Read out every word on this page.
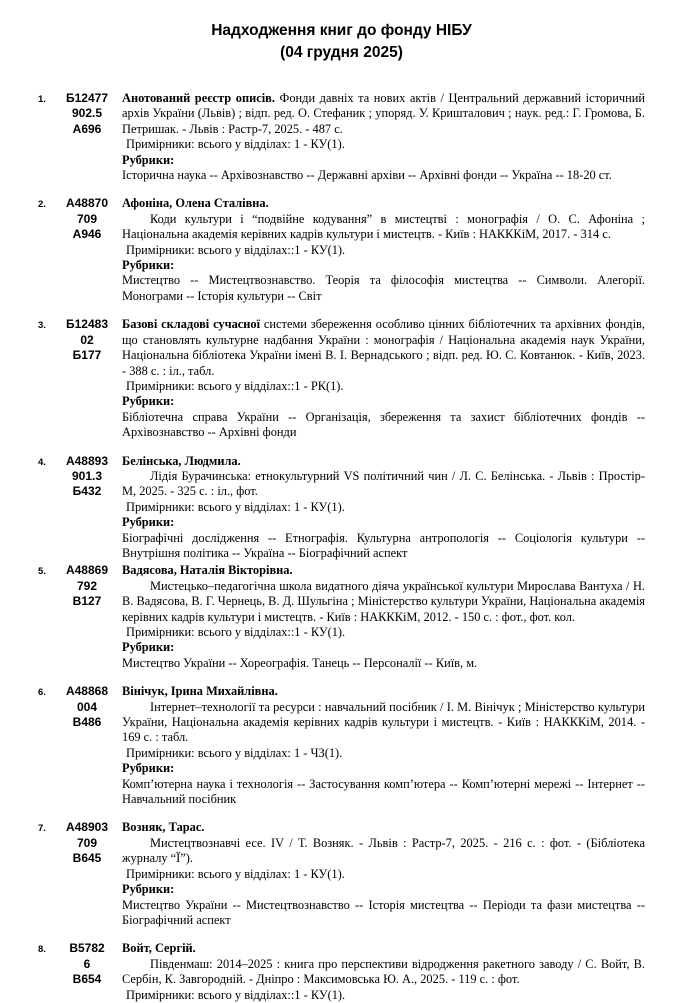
Надходження книг до фонду НІБУ
(04 грудня 2025)
1.	Б12477
902.5
А696

Анотований реєстр описів. Фонди давніх та нових актів / Центральний державний історичний архів України (Львів) ; відп. ред. О. Стефаник ; упоряд. У. Кришталович ; наук. ред.: Г. Громова, Б. Петришак. - Львів : Растр-7, 2025. - 487 с.

Примірники: всього у відділах: 1 - КУ(1).

Рубрики:

Історична наука -- Архівознавство -- Державні архіви -- Архівні фонди -- Україна -- 18-20 ст.

2.	А48870
709
А946

Афоніна, Олена Сталівна.

Коди культури і “подвійне кодування” в мистецтві : монографія / О. С. Афоніна ; Національна академія керівних кадрів культури і мистецтв. - Київ : НАКККіМ, 2017. - 314 с.

Примірники: всього у відділах::1 - КУ(1).

Рубрики:

Мистецтво -- Мистецтвознавство. Теорія та філософія мистецтва -- Символи. Алегорії. Монограми -- Історія культури -- Світ

3.	Б12483
02
Б177

Базові складові сучасної системи збереження особливо цінних бібліотечних та архівних фондів, що становлять культурне надбання України : монографія / Національна академія наук України, Національна бібліотека України імені В. І. Вернадського ; відп. ред. Ю. С. Ковтанюк. - Київ, 2023. - 388 с. : іл., табл.

Примірники: всього у відділах::1 - РК(1).

Рубрики:

Бібліотечна справа України -- Організація, збереження та захист бібліотечних фондів -- Архівознавство -- Архівні фонди

4.	А48893
901.3
Б432

Белінська, Людмила.

Лідія Бурачинська: етнокультурний VS політичний чин / Л. С. Белінська. - Львів : Простір-М, 2025. - 325 с. : іл., фот.

Примірники: всього у відділах: 1 - КУ(1).

Рубрики:

Біографічні дослідження -- Етнографія. Культурна антропологія -- Соціологія культури -- Внутрішня політика -- Україна -- Біографічний аспект

5.	А48869
792
В127

Вадясова, Наталія Вікторівна.

Мистецько–педагогічна школа видатного діяча української культури Мирослава Вантуха / Н. В. Вадясова, В. Г. Чернець, В. Д. Шульгіна ; Міністерство культури України, Національна академія керівних кадрів культури і мистецтв. - Київ : НАКККіМ, 2012. - 150 с. : фот., фот. кол.

Примірники: всього у відділах::1 - КУ(1).

Рубрики:

Мистецтво України -- Хореографія. Танець -- Персоналії -- Київ, м.

6.	А48868
004
В486

Вінічук, Ірина Михайлівна.

Інтернет–технології та ресурси : навчальний посібник / І. М. Вінічук ; Міністерство культури України, Національна академія керівних кадрів культури і мистецтв. - Київ : НАКККіМ, 2014. - 169 с. : табл.

Примірники: всього у відділах: 1 - ЧЗ(1).

Рубрики:

Комп’ютерна наука і технологія -- Застосування комп’ютера -- Комп’ютерні мережі -- Інтернет -- Навчальний посібник

7.	А48903
709
В645

Возняк, Тарас.

Мистецтвознавчі есе. IV / Т. Возняк. - Львів : Растр-7, 2025. - 216 с. : фот. - (Бібліотека журналу “Ї”).

Примірники: всього у відділах: 1 - КУ(1).

Рубрики:

Мистецтво України -- Мистецтвознавство -- Історія мистецтва -- Періоди та фази мистецтва -- Біографічний аспект

8.	В5782
6
В654

Войт, Сергій.

Південмаш: 2014–2025 : книга про перспективи відродження ракетного заводу / С. Войт, В. Сербін, К. Завгородній. - Дніпро : Максимовська Ю. А., 2025. - 119 с. : фот.

Примірники: всього у відділах::1 - КУ(1).
